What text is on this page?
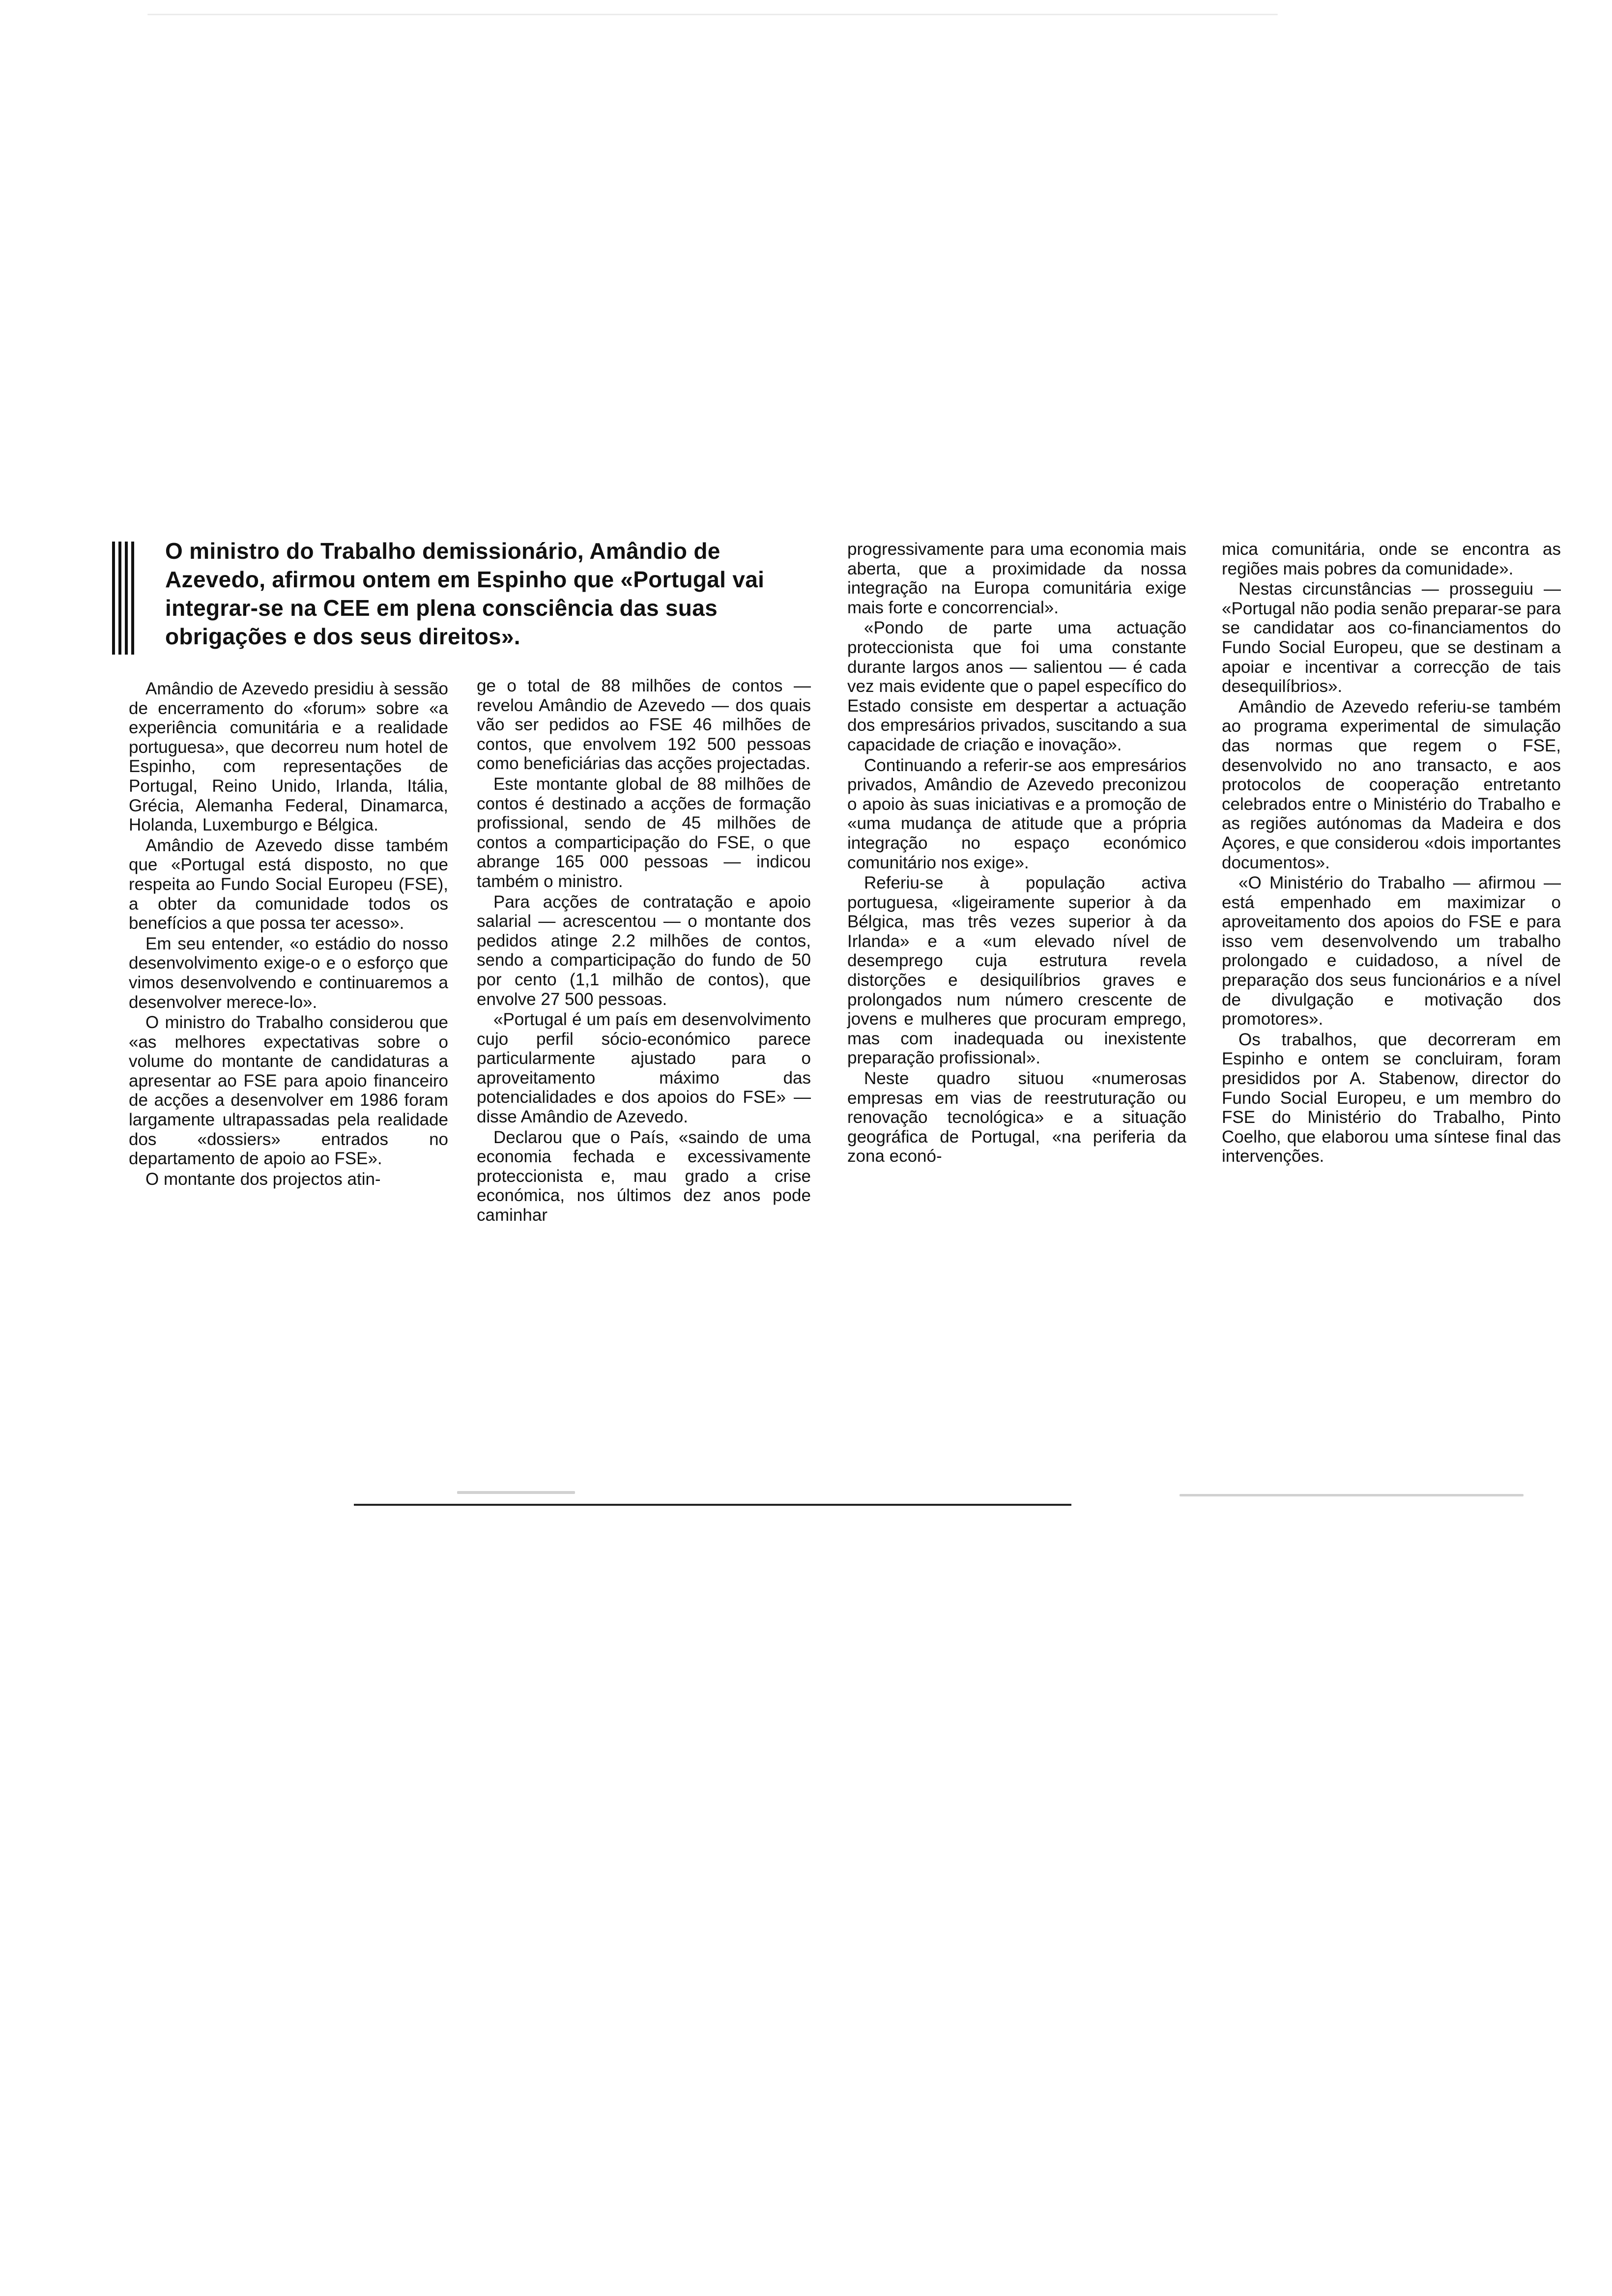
O ministro do Trabalho demissionário, Amândio de Azevedo, afirmou ontem em Espinho que «Portugal vai integrar-se na CEE em plena consciência das suas obrigações e dos seus direitos».

Amândio de Azevedo presidiu à sessão de encerramento do «forum» sobre «a experiência comunitária e a realidade portuguesa», que decorreu num hotel de Espinho, com representações de Portugal, Reino Unido, Irlanda, Itália, Grécia, Alemanha Federal, Dinamarca, Holanda, Luxemburgo e Bélgica.

Amândio de Azevedo disse também que «Portugal está disposto, no que respeita ao Fundo Social Europeu (FSE), a obter da comunidade todos os benefícios a que possa ter acesso».

Em seu entender, «o estádio do nosso desenvolvimento exige-o e o esforço que vimos desenvolvendo e continuaremos a desenvolver merece-lo».

O ministro do Trabalho considerou que «as melhores expectativas sobre o volume do montante de candidaturas a apresentar ao FSE para apoio financeiro de acções a desenvolver em 1986 foram largamente ultrapassadas pela realidade dos «dossiers» entrados no departamento de apoio ao FSE».

O montante dos projectos atin-

ge o total de 88 milhões de contos — revelou Amândio de Azevedo — dos quais vão ser pedidos ao FSE 46 milhões de contos, que envolvem 192 500 pessoas como beneficiárias das acções projectadas.

Este montante global de 88 milhões de contos é destinado a acções de formação profissional, sendo de 45 milhões de contos a comparticipação do FSE, o que abrange 165 000 pessoas — indicou também o ministro.

Para acções de contratação e apoio salarial — acrescentou — o montante dos pedidos atinge 2.2 milhões de contos, sendo a comparticipação do fundo de 50 por cento (1,1 milhão de contos), que envolve 27 500 pessoas.

«Portugal é um país em desenvolvimento cujo perfil sócio-económico parece particularmente ajustado para o aproveitamento máximo das potencialidades e dos apoios do FSE» — disse Amândio de Azevedo.

Declarou que o País, «saindo de uma economia fechada e excessivamente proteccionista e, mau grado a crise económica, nos últimos dez anos pode caminhar

progressivamente para uma economia mais aberta, que a proximidade da nossa integração na Europa comunitária exige mais forte e concorrencial».

«Pondo de parte uma actuação proteccionista que foi uma constante durante largos anos — salientou — é cada vez mais evidente que o papel específico do Estado consiste em despertar a actuação dos empresários privados, suscitando a sua capacidade de criação e inovação».

Continuando a referir-se aos empresários privados, Amândio de Azevedo preconizou o apoio às suas iniciativas e a promoção de «uma mudança de atitude que a própria integração no espaço económico comunitário nos exige».

Referiu-se à população activa portuguesa, «ligeiramente superior à da Bélgica, mas três vezes superior à da Irlanda» e a «um elevado nível de desemprego cuja estrutura revela distorções e desiquilíbrios graves e prolongados num número crescente de jovens e mulheres que procuram emprego, mas com inadequada ou inexistente preparação profissional».

Neste quadro situou «numerosas empresas em vias de reestruturação ou renovação tecnológica» e a situação geográfica de Portugal, «na periferia da zona econó-

mica comunitária, onde se encontra as regiões mais pobres da comunidade».

Nestas circunstâncias — prosseguiu — «Portugal não podia senão preparar-se para se candidatar aos co-financiamentos do Fundo Social Europeu, que se destinam a apoiar e incentivar a correcção de tais desequilíbrios».

Amândio de Azevedo referiu-se também ao programa experimental de simulação das normas que regem o FSE, desenvolvido no ano transacto, e aos protocolos de cooperação entretanto celebrados entre o Ministério do Trabalho e as regiões autónomas da Madeira e dos Açores, e que considerou «dois importantes documentos».

«O Ministério do Trabalho — afirmou — está empenhado em maximizar o aproveitamento dos apoios do FSE e para isso vem desenvolvendo um trabalho prolongado e cuidadoso, a nível de preparação dos seus funcionários e a nível de divulgação e motivação dos promotores».

Os trabalhos, que decorreram em Espinho e ontem se concluiram, foram presididos por A. Stabenow, director do Fundo Social Europeu, e um membro do FSE do Ministério do Trabalho, Pinto Coelho, que elaborou uma síntese final das intervenções.
